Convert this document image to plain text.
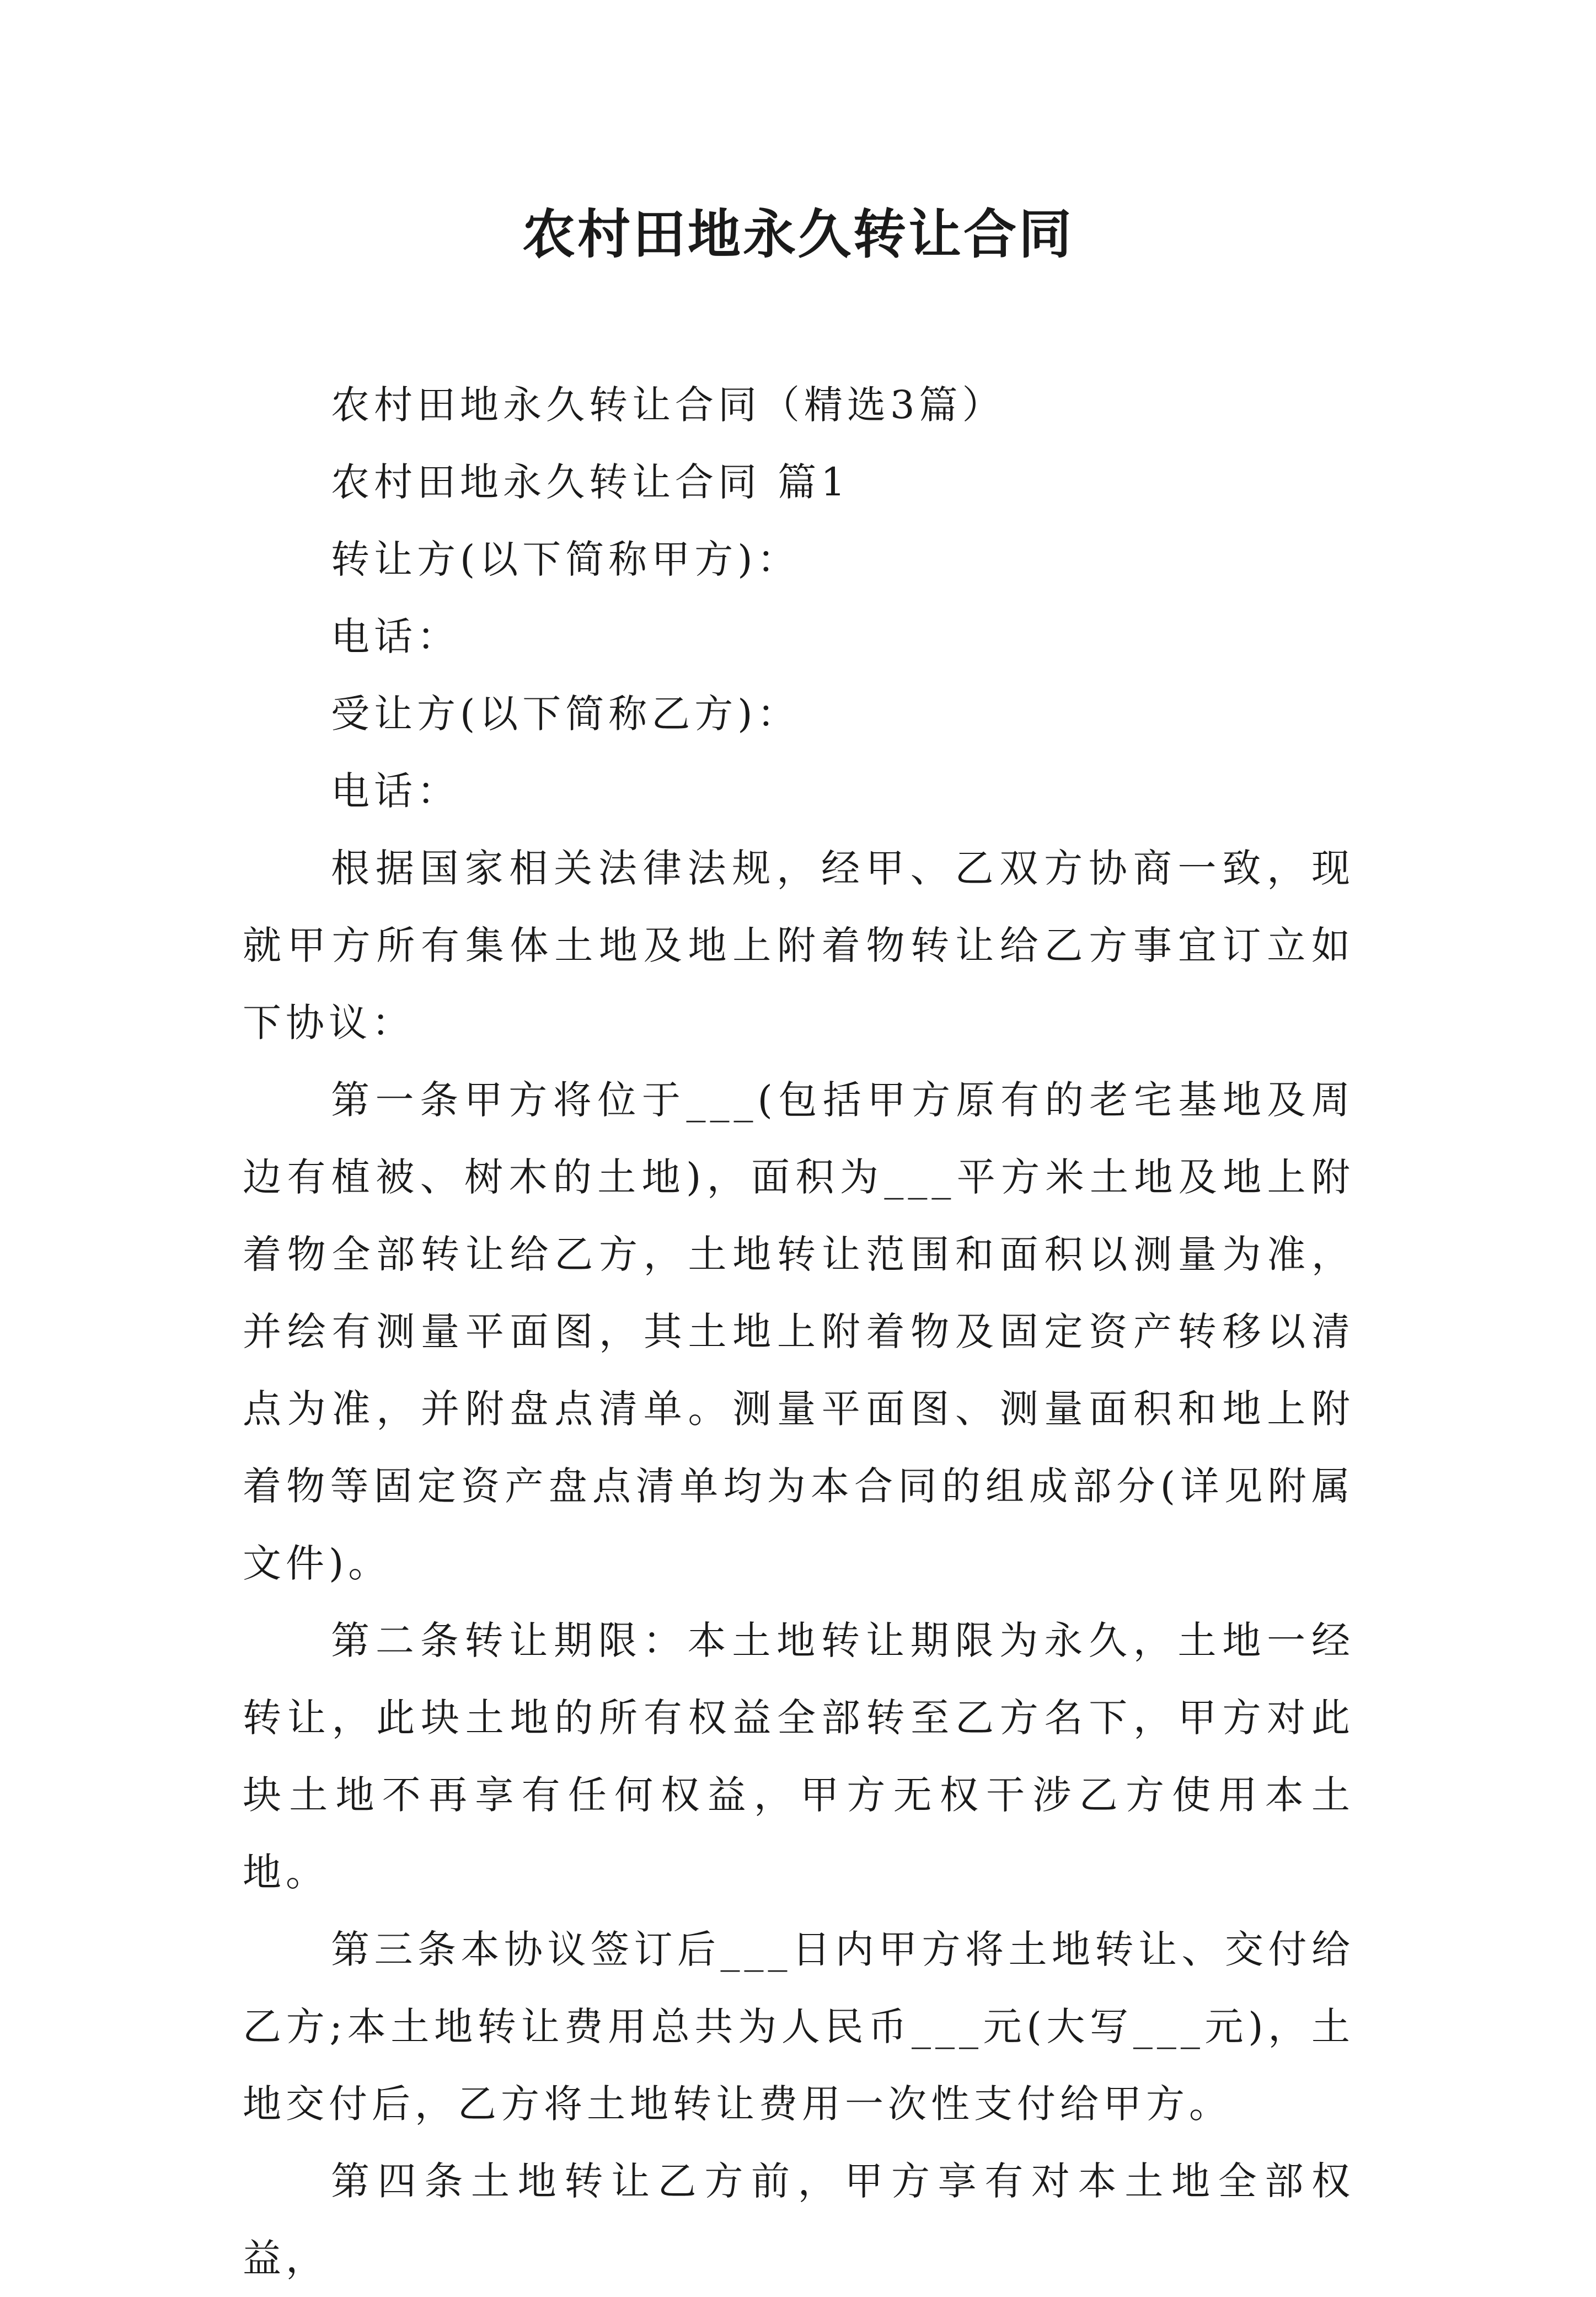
农村田地永久转让合同

农村田地永久转让合同（精选3篇）

农村田地永久转让合同 篇1

转让方(以下简称甲方)：

电话：

受让方(以下简称乙方)：

电话：

根据国家相关法律法规，经甲、乙双方协商一致，现就甲方所有集体土地及地上附着物转让给乙方事宜订立如下协议：

第一条甲方将位于___(包括甲方原有的老宅基地及周边有植被、树木的土地)，面积为___平方米土地及地上附着物全部转让给乙方，土地转让范围和面积以测量为准，并绘有测量平面图，其土地上附着物及固定资产转移以清点为准，并附盘点清单。测量平面图、测量面积和地上附着物等固定资产盘点清单均为本合同的组成部分(详见附属文件)。

第二条转让期限：本土地转让期限为永久，土地一经转让，此块土地的所有权益全部转至乙方名下，甲方对此块土地不再享有任何权益，甲方无权干涉乙方使用本土地。

第三条本协议签订后___日内甲方将土地转让、交付给乙方;本土地转让费用总共为人民币___元(大写___元)，土地交付后，乙方将土地转让费用一次性支付给甲方。

第四条土地转让乙方前，甲方享有对本土地全部权益，
